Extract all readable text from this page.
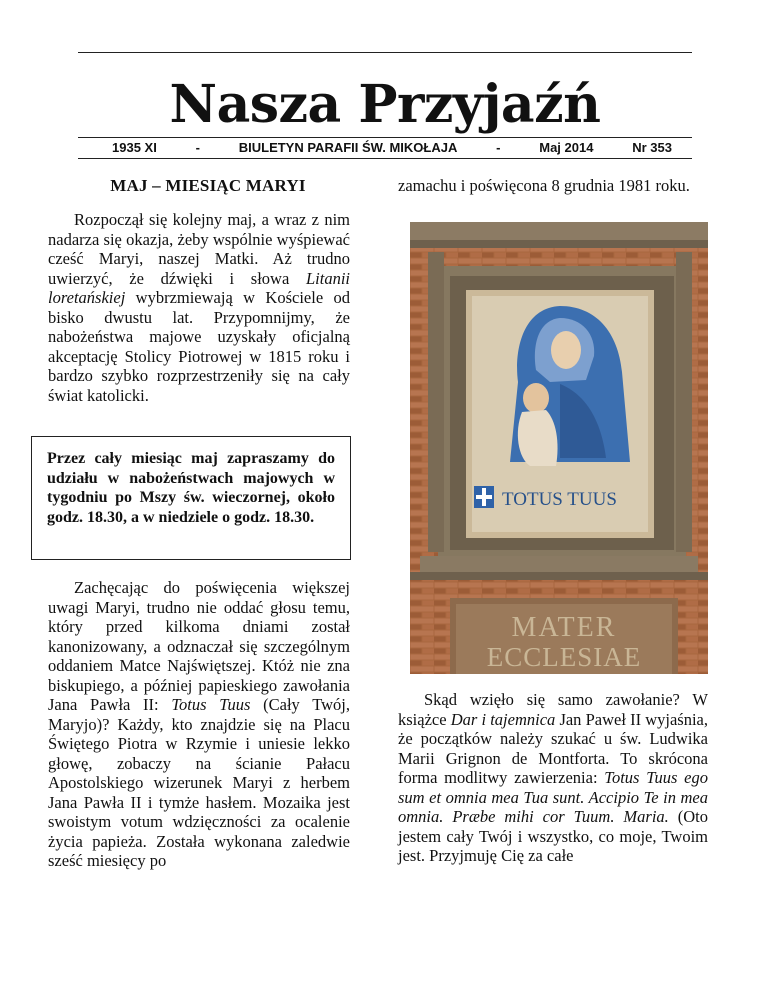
Nasza Przyjaźń
1935 XI	-	BIULETYN PARAFII ŚW. MIKOŁAJA	-	Maj 2014	Nr 353
MAJ – MIESIĄC MARYI
Rozpoczął się kolejny maj, a wraz z nim nadarza się okazja, żeby wspólnie wyśpiewać cześć Maryi, naszej Matki. Aż trudno uwierzyć, że dźwięki i słowa Litanii loretańskiej wybrzmiewają w Kościele od bisko dwustu lat. Przypomnijmy, że nabożeństwa majowe uzyskały oficjalną akceptację Stolicy Piotrowej w 1815 roku i bardzo szybko rozprzestrzeniły się na cały świat katolicki.

Przez cały miesiąc maj zapraszamy do udziału w nabożeństwach majowych w tygodniu po Mszy św. wieczornej, około godz. 18.30, a w niedziele o godz. 18.30.

Zachęcając do poświęcenia większej uwagi Maryi, trudno nie oddać głosu temu, który przed kilkoma dniami został kanonizowany, a odznaczał się szczególnym oddaniem Matce Najświętszej. Któż nie zna biskupiego, a później papieskiego zawołania Jana Pawła II: Totus Tuus (Cały Twój, Maryjo)? Każdy, kto znajdzie się na Placu Świętego Piotra w Rzymie i uniesie lekko głowę, zobaczy na ścianie Pałacu Apostolskiego wizerunek Maryi z herbem Jana Pawła II i tymże hasłem. Mozaika jest swoistym votum wdzięczności za ocalenie życia papieża. Została wykonana zaledwie sześć miesięcy po
zamachu i poświęcona 8 grudnia 1981 roku.
TOTUS TUUS
MATER
ECCLESIAE
Skąd wzięło się samo zawołanie? W książce Dar i tajemnica Jan Paweł II wyjaśnia, że początków należy szukać u św. Ludwika Marii Grignon de Montforta. To skrócona forma modlitwy zawierzenia: Totus Tuus ego sum et omnia mea Tua sunt. Accipio Te in mea omnia. Præbe mihi cor Tuum. Maria. (Oto jestem cały Twój i wszystko, co moje, Twoim jest. Przyjmuję Cię za całe
